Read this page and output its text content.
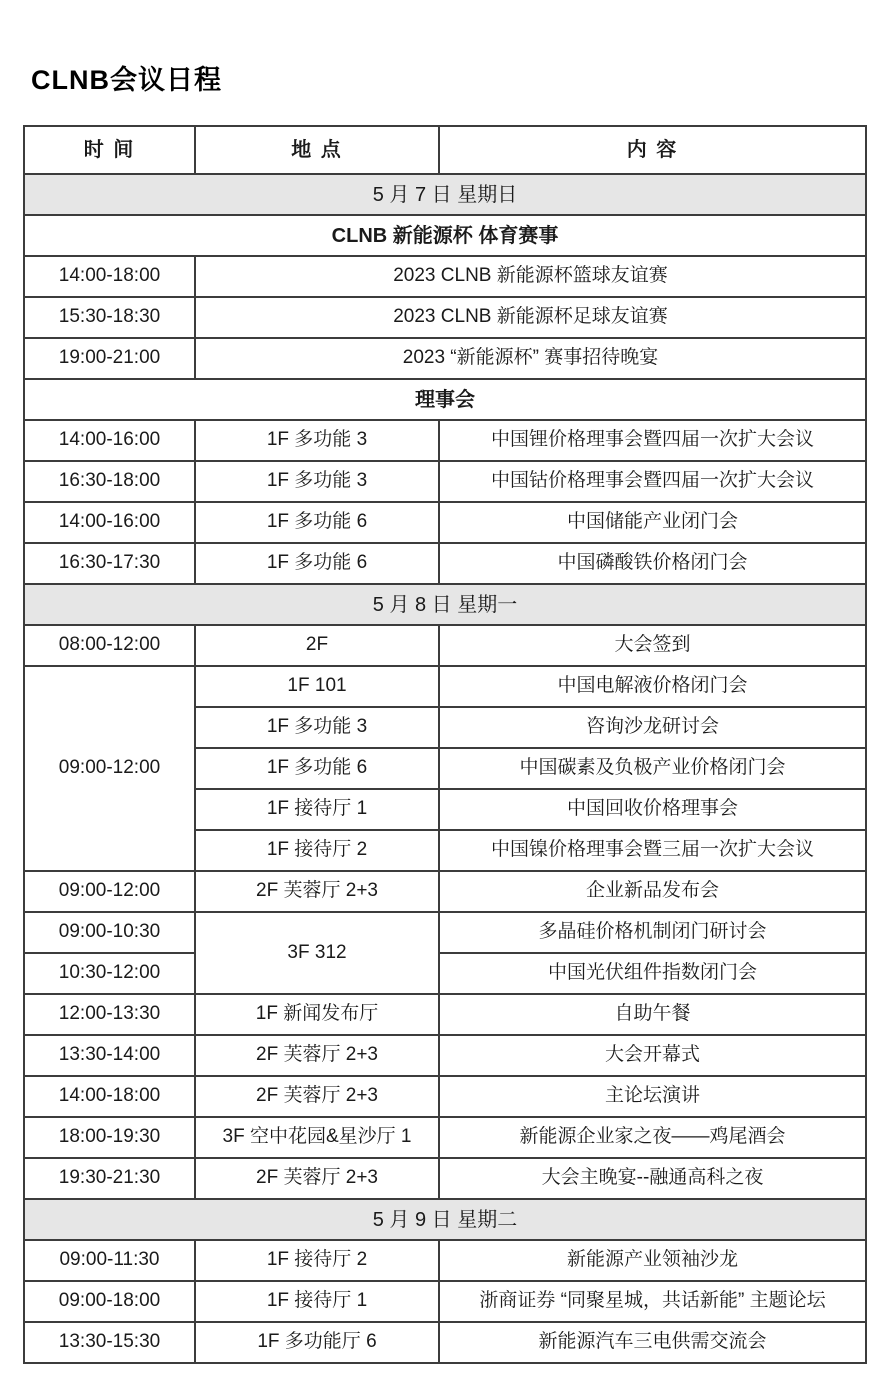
CLNB会议日程
时 间	地 点	内 容
5 月 7 日 星期日		
CLNB 新能源杯 体育赛事		
14:00-18:00	2023 CLNB 新能源杯篮球友谊赛	
15:30-18:30	2023 CLNB 新能源杯足球友谊赛	
19:00-21:00	2023 “新能源杯” 赛事招待晚宴	
理事会		
14:00-16:00	1F 多功能 3	中国锂价格理事会暨四届一次扩大会议
16:30-18:00	1F 多功能 3	中国钴价格理事会暨四届一次扩大会议
14:00-16:00	1F 多功能 6	中国储能产业闭门会
16:30-17:30	1F 多功能 6	中国磷酸铁价格闭门会
5 月 8 日 星期一		
08:00-12:00	2F	大会签到
09:00-12:00	1F 101	中国电解液价格闭门会
	1F 多功能 3	咨询沙龙研讨会
	1F 多功能 6	中国碳素及负极产业价格闭门会
	1F 接待厅 1	中国回收价格理事会
	1F 接待厅 2	中国镍价格理事会暨三届一次扩大会议
09:00-12:00	2F 芙蓉厅 2+3	企业新品发布会
09:00-10:30	3F 312	多晶硅价格机制闭门研讨会
10:30-12:00		中国光伏组件指数闭门会
12:00-13:30	1F 新闻发布厅	自助午餐
13:30-14:00	2F 芙蓉厅 2+3	大会开幕式
14:00-18:00	2F 芙蓉厅 2+3	主论坛演讲
18:00-19:30	3F 空中花园&星沙厅 1	新能源企业家之夜——鸡尾酒会
19:30-21:30	2F 芙蓉厅 2+3	大会主晚宴--融通高科之夜
5 月 9 日 星期二		
09:00-11:30	1F 接待厅 2	新能源产业领袖沙龙
09:00-18:00	1F 接待厅 1	浙商证券 “同聚星城，共话新能” 主题论坛
13:30-15:30	1F 多功能厅 6	新能源汽车三电供需交流会
